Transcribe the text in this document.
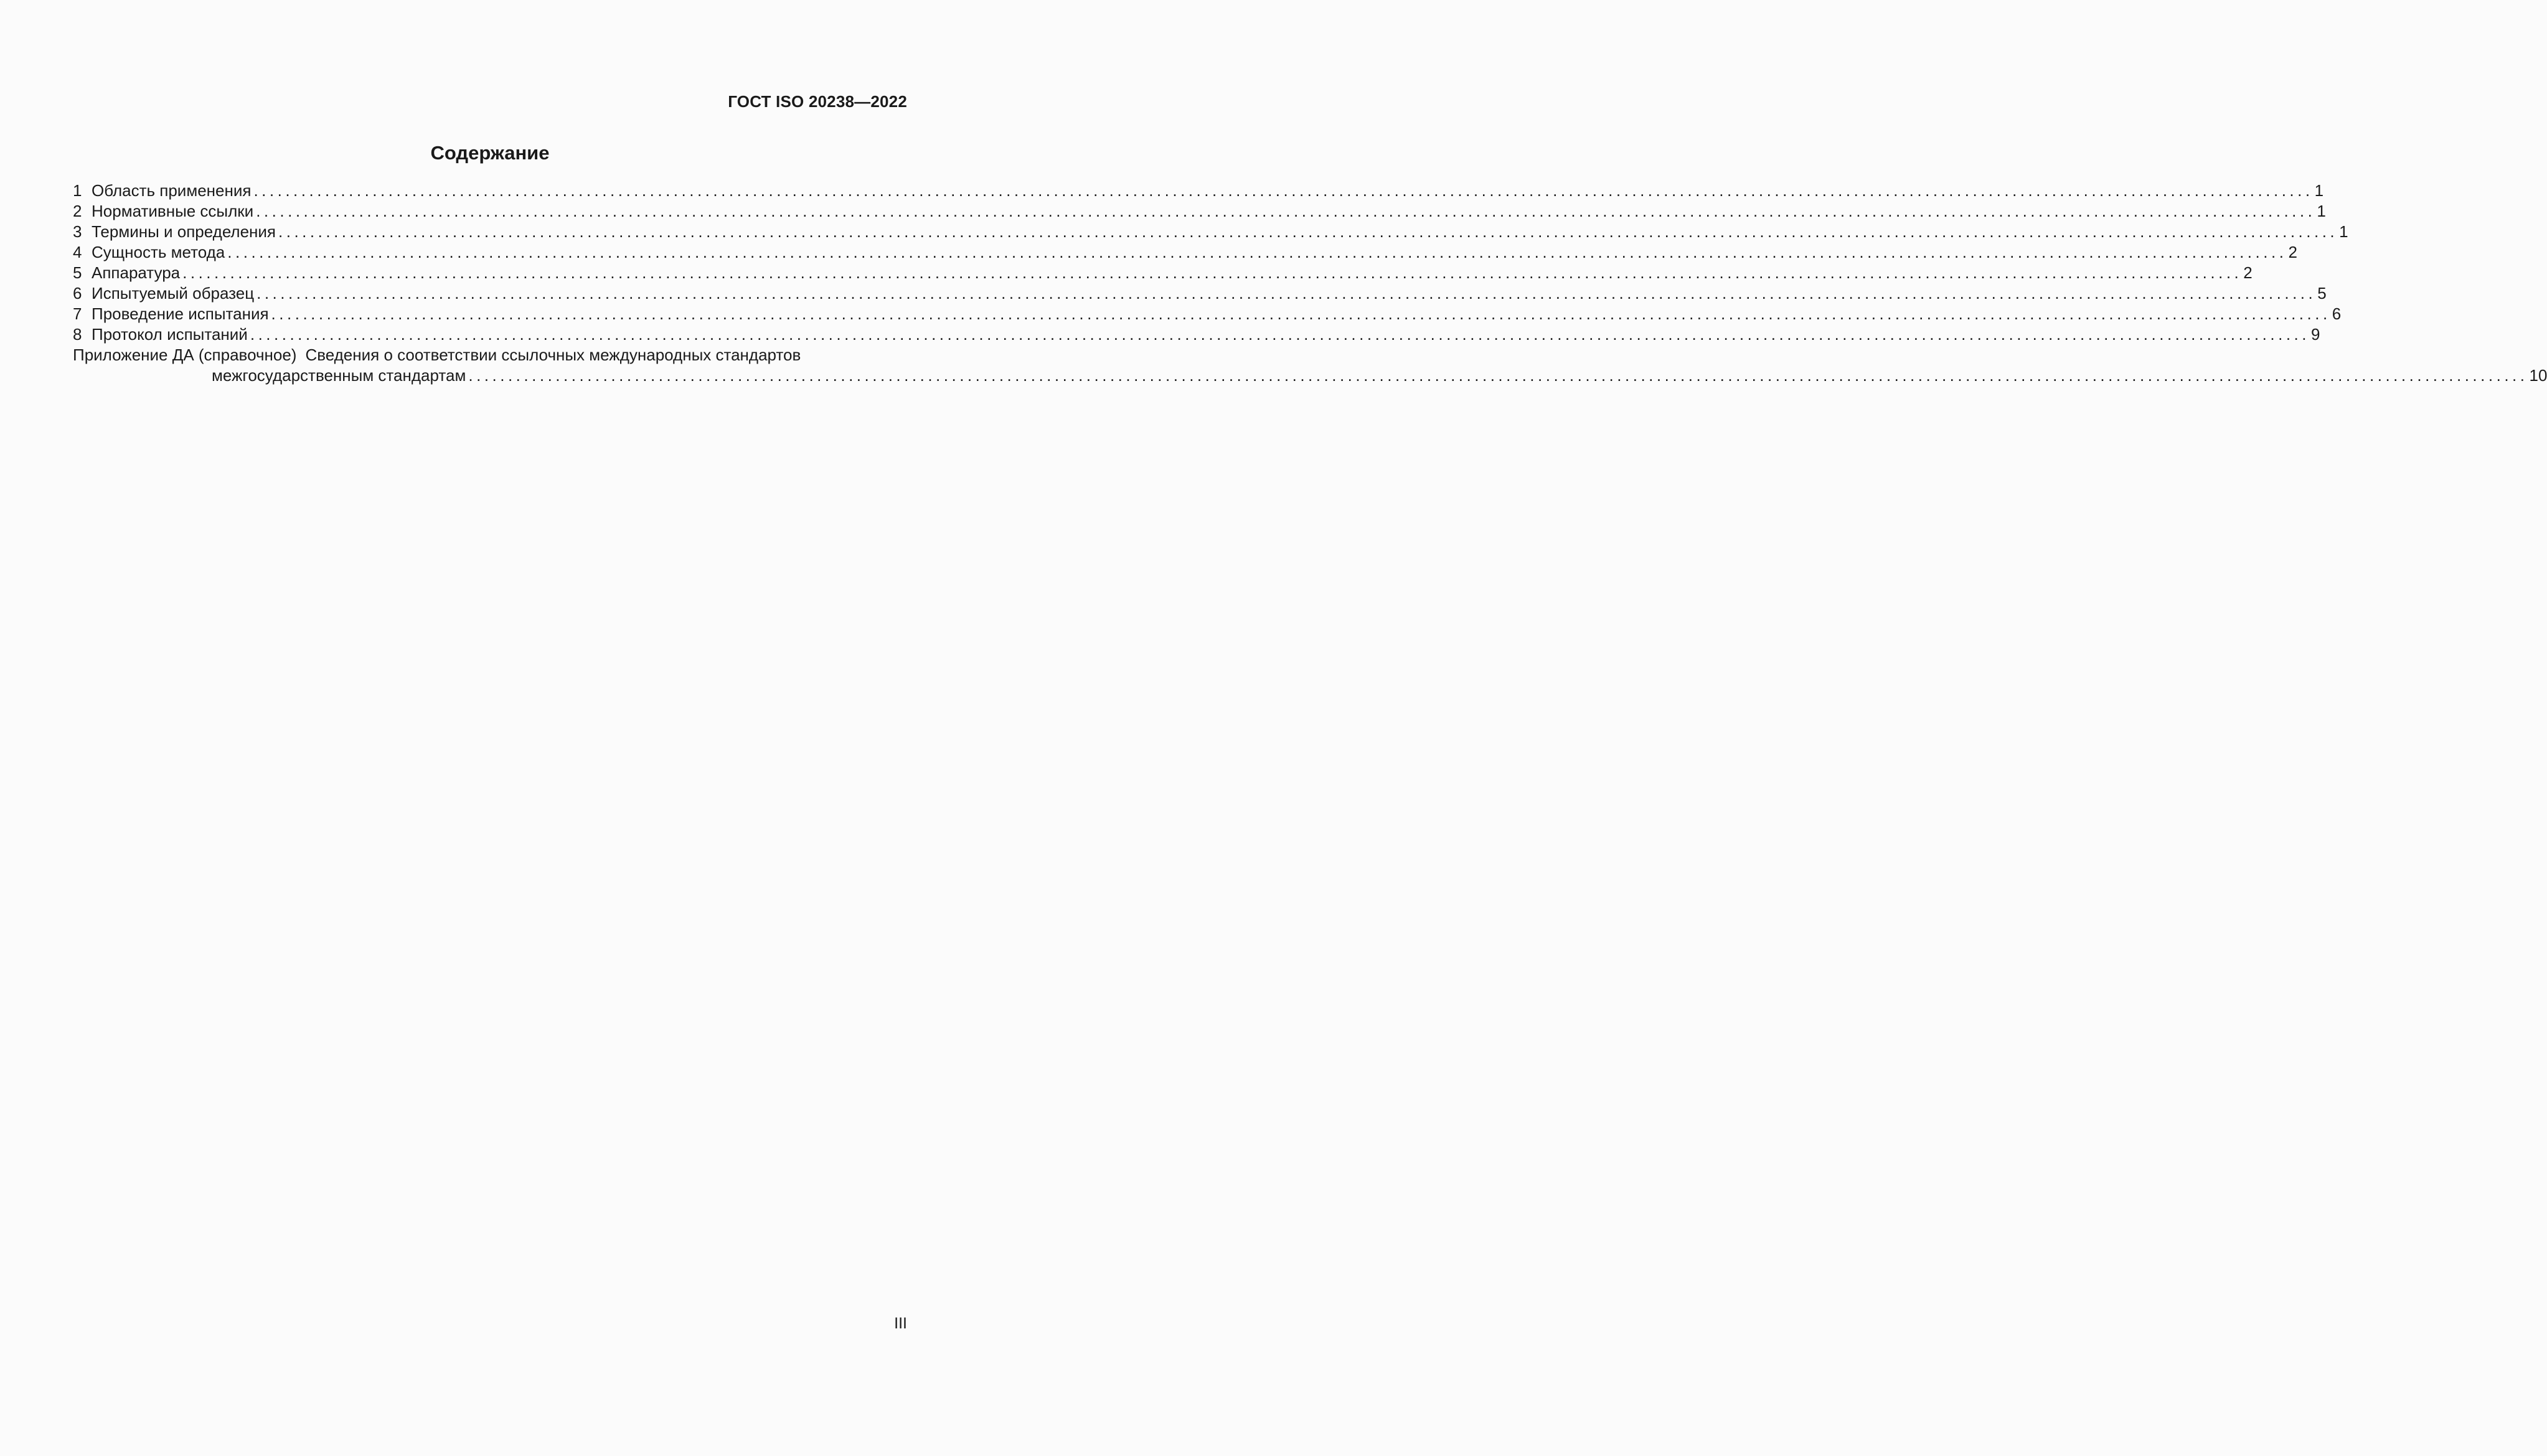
ГОСТ ISO 20238—2022
Содержание
1 Область применения .................................................................................................................................................................................................................................................................... 1
2 Нормативные ссылки .................................................................................................................................................................................................................................................................... 1
3 Термины и определения .................................................................................................................................................................................................................................................................... 1
4 Сущность метода .................................................................................................................................................................................................................................................................... 2
5 Аппаратура .................................................................................................................................................................................................................................................................... 2
6 Испытуемый образец .................................................................................................................................................................................................................................................................... 5
7 Проведение испытания .................................................................................................................................................................................................................................................................... 6
8 Протокол испытаний .................................................................................................................................................................................................................................................................... 9
Приложение ДА (справочное) Сведения о соответствии ссылочных международных стандартов
межгосударственным стандартам .................................................................................................................................................................................................................................................................... 10
III
